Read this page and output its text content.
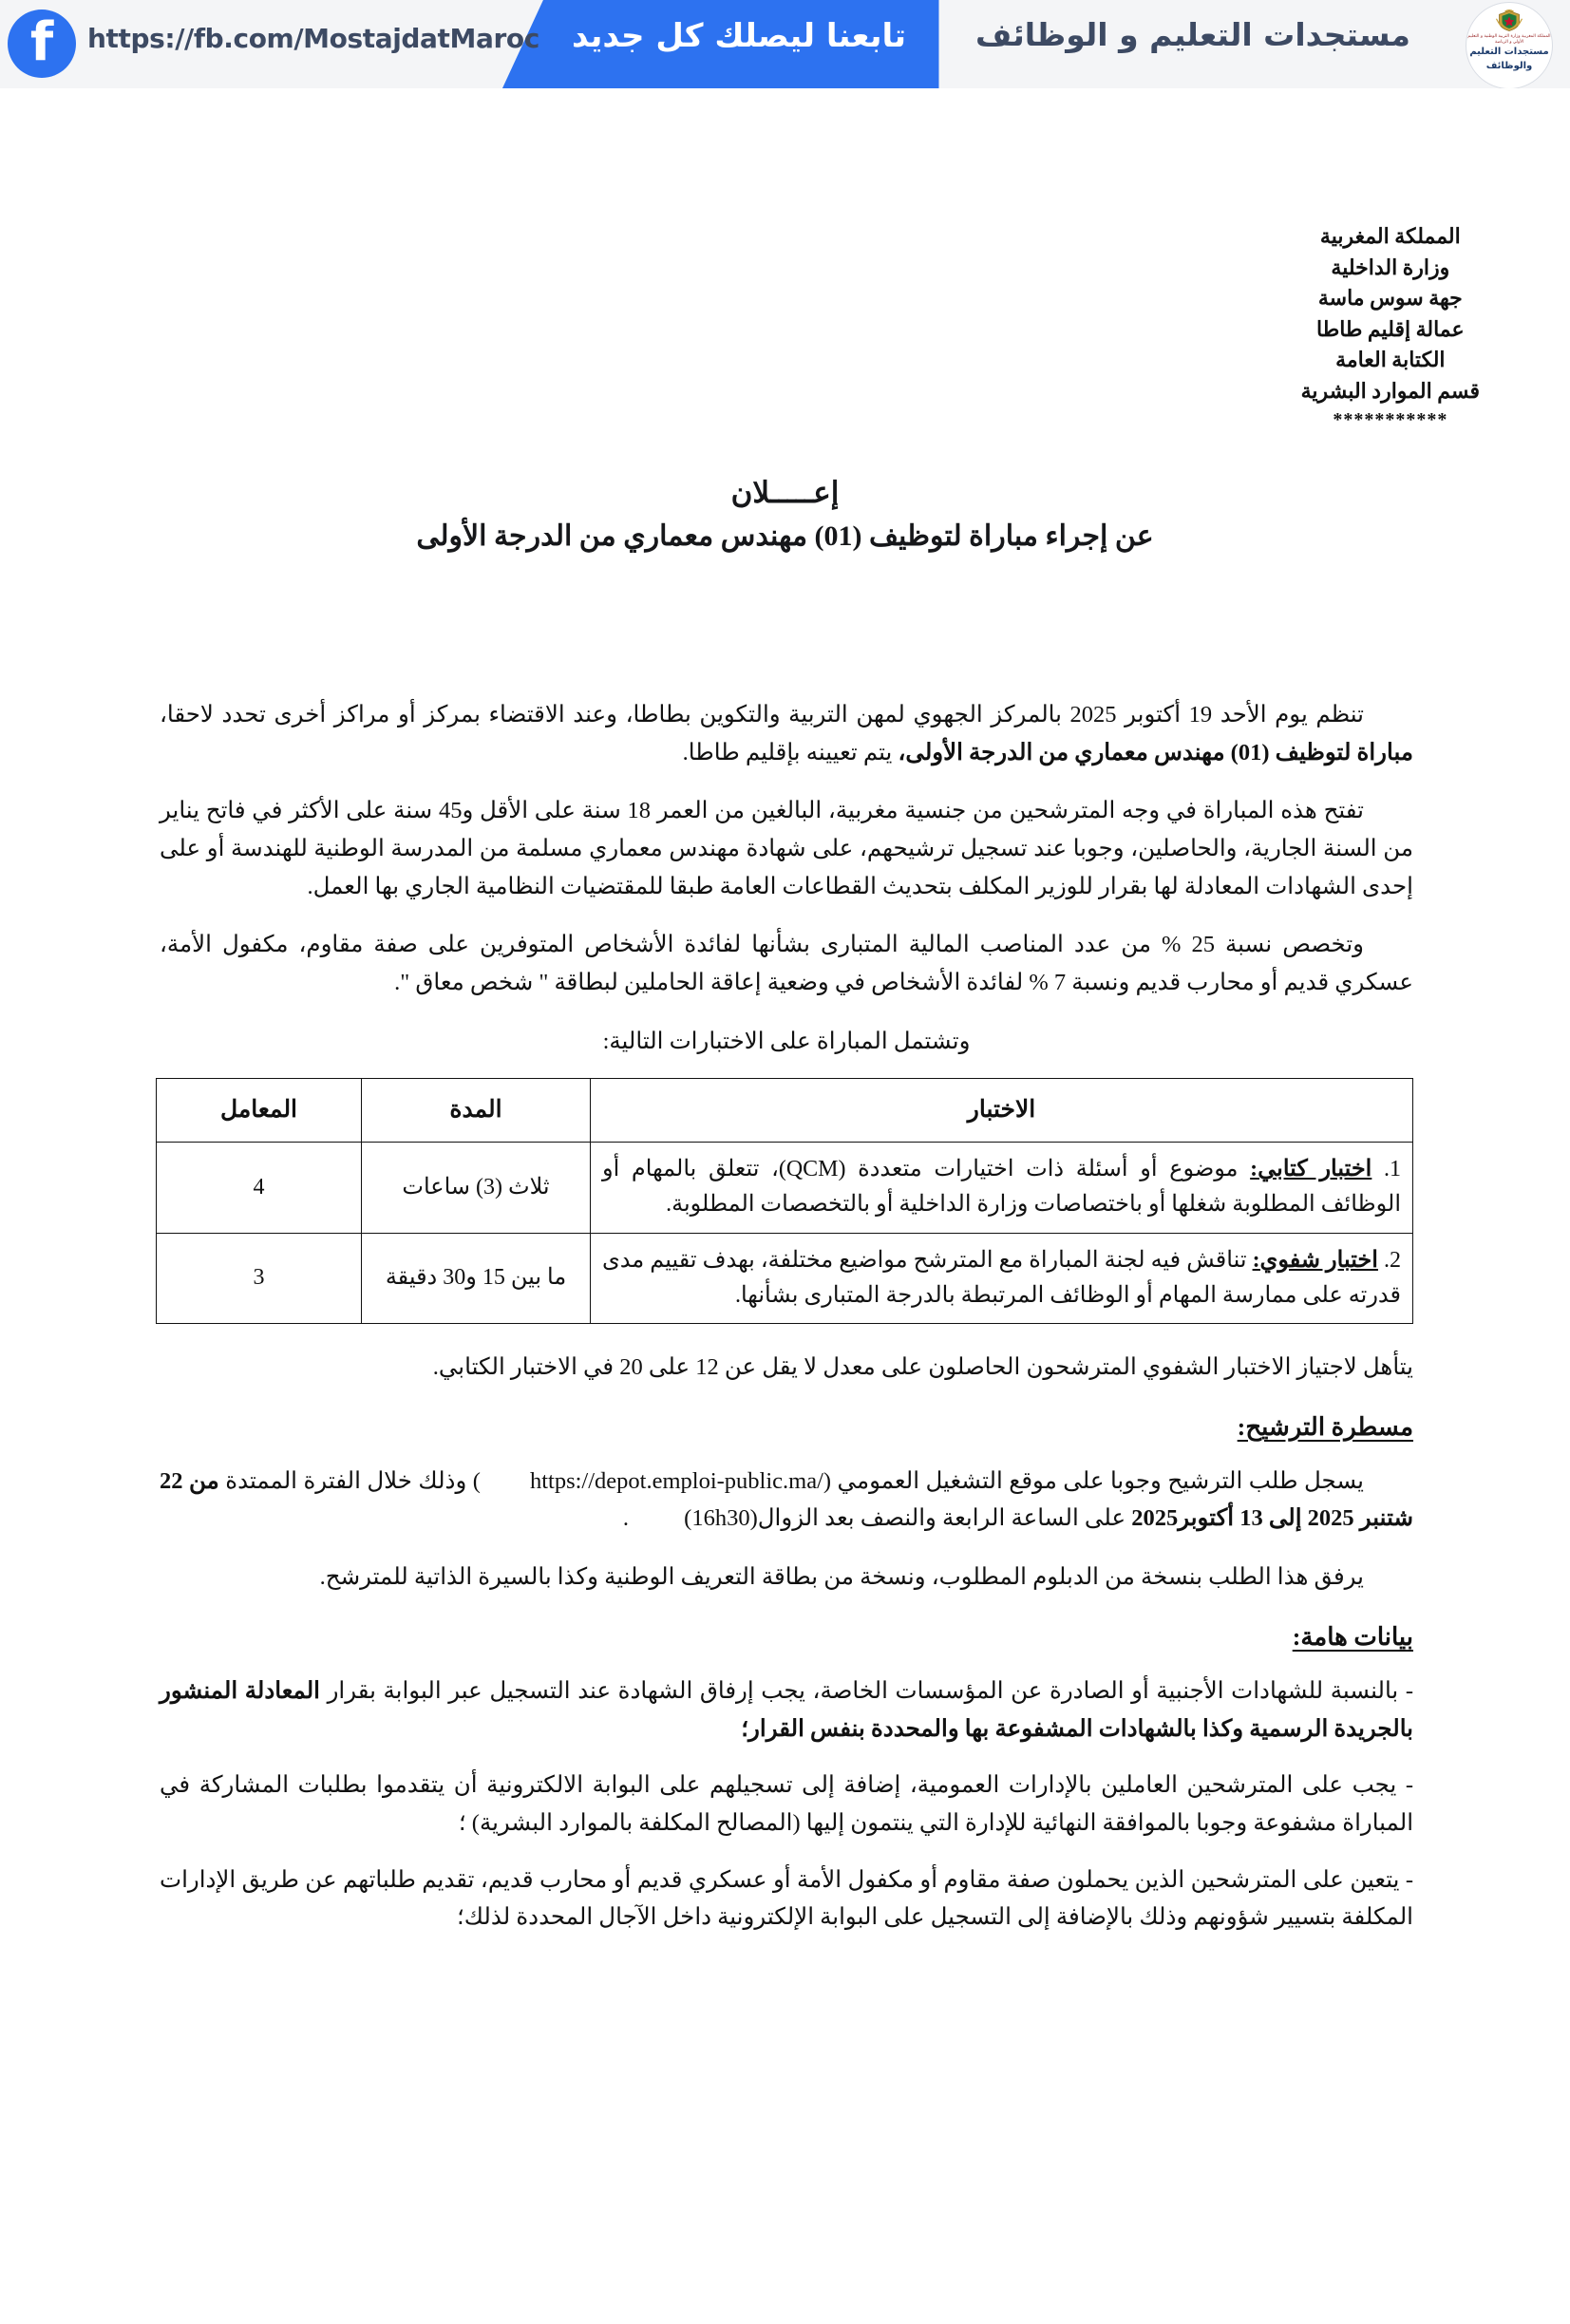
f	https://fb.com/MostajdatMaroc	تابعنا ليصلك كل جديد	مستجدات التعليم و الوظائف	المملكة المغربية وزارة التربية الوطنية و التعليم الأولي و الرياضة
مستجدات التعليم
والوظائف
المملكة المغربية
وزارة الداخلية
جهة سوس ماسة
عمالة إقليم طاطا
الكتابة العامة
قسم الموارد البشرية
***********
إعـــــلان
عن إجراء مباراة لتوظيف (01) مهندس معماري من الدرجة الأولى

تنظم يوم الأحد 19 أكتوبر 2025 بالمركز الجهوي لمهن التربية والتكوين بطاطا، وعند الاقتضاء بمركز أو مراكز أخرى تحدد لاحقا، مباراة لتوظيف (01) مهندس معماري من الدرجة الأولى، يتم تعيينه بإقليم طاطا.

تفتح هذه المباراة في وجه المترشحين من جنسية مغربية، البالغين من العمر 18 سنة على الأقل و45 سنة على الأكثر في فاتح يناير من السنة الجارية، والحاصلين، وجوبا عند تسجيل ترشيحهم، على شهادة مهندس معماري مسلمة من المدرسة الوطنية للهندسة أو على إحدى الشهادات المعادلة لها بقرار للوزير المكلف بتحديث القطاعات العامة طبقا للمقتضيات النظامية الجاري بها العمل.

وتخصص نسبة 25 % من عدد المناصب المالية المتبارى بشأنها لفائدة الأشخاص المتوفرين على صفة مقاوم، مكفول الأمة، عسكري قديم أو محارب قديم ونسبة 7 % لفائدة الأشخاص في وضعية إعاقة الحاملين لبطاقة " شخص معاق ".

وتشتمل المباراة على الاختبارات التالية:

الاختبار	المدة	المعامل
1. اختبار كتابي: موضوع أو أسئلة ذات اختيارات متعددة (QCM)، تتعلق بالمهام أو الوظائف المطلوبة شغلها أو باختصاصات وزارة الداخلية أو بالتخصصات المطلوبة.	ثلاث (3) ساعات	4
2. اختبار شفوي: تناقش فيه لجنة المباراة مع المترشح مواضيع مختلفة، بهدف تقييم مدى قدرته على ممارسة المهام أو الوظائف المرتبطة بالدرجة المتبارى بشأنها.	ما بين 15 و30 دقيقة	3

يتأهل لاجتياز الاختبار الشفوي المترشحون الحاصلون على معدل لا يقل عن 12 على 20 في الاختبار الكتابي.

مسطرة الترشيح:

يسجل طلب الترشيح وجوبا على موقع التشغيل العمومي (https://depot.emploi-public.ma/) وذلك خلال الفترة الممتدة من 22 شتنبر 2025 إلى 13 أكتوبر2025 على الساعة الرابعة والنصف بعد الزوال(16h30) .

يرفق هذا الطلب بنسخة من الدبلوم المطلوب، ونسخة من بطاقة التعريف الوطنية وكذا بالسيرة الذاتية للمترشح.

بيانات هامة:

- بالنسبة للشهادات الأجنبية أو الصادرة عن المؤسسات الخاصة، يجب إرفاق الشهادة عند التسجيل عبر البوابة بقرار المعادلة المنشور بالجريدة الرسمية وكذا بالشهادات المشفوعة بها والمحددة بنفس القرار؛

- يجب على المترشحين العاملين بالإدارات العمومية، إضافة إلى تسجيلهم على البوابة الالكترونية أن يتقدموا بطلبات المشاركة في المباراة مشفوعة وجوبا بالموافقة النهائية للإدارة التي ينتمون إليها (المصالح المكلفة بالموارد البشرية) ؛

- يتعين على المترشحين الذين يحملون صفة مقاوم أو مكفول الأمة أو عسكري قديم أو محارب قديم، تقديم طلباتهم عن طريق الإدارات المكلفة بتسيير شؤونهم وذلك بالإضافة إلى التسجيل على البوابة الإلكترونية داخل الآجال المحددة لذلك؛
